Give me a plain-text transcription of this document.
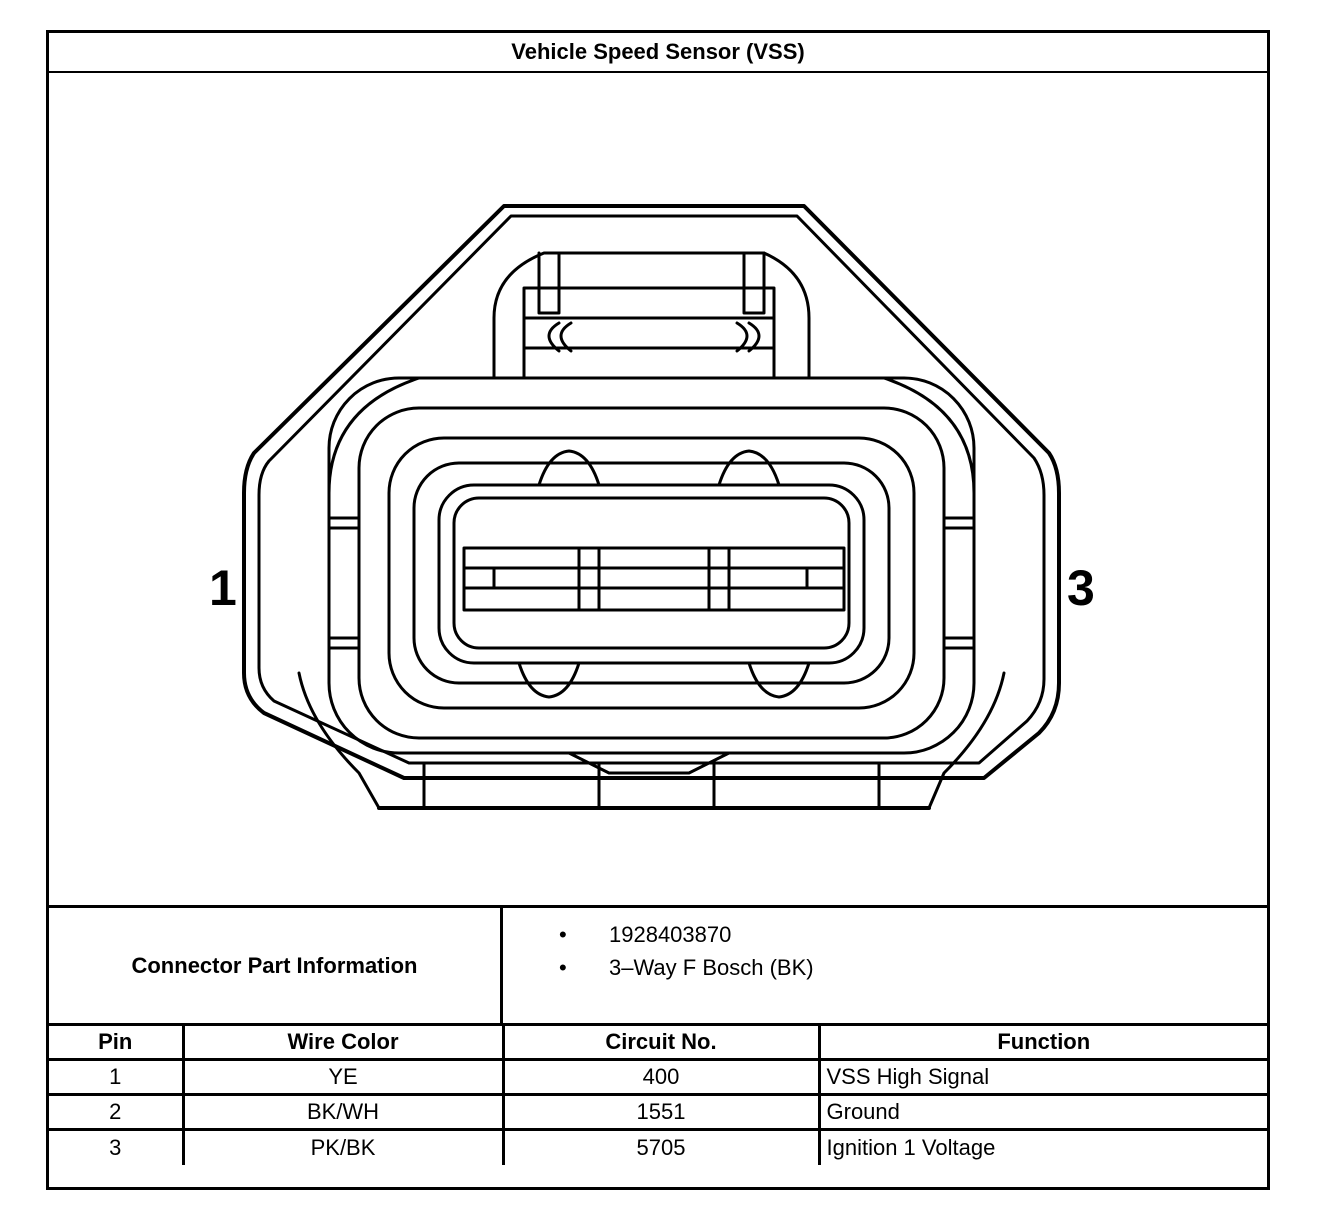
Vehicle Speed Sensor (VSS)
1	3
Connector Part Information
• 1928403870
• 3–Way F Bosch (BK)
Pin	Wire Color	Circuit No.	Function
1	YE	400	VSS High Signal
2	BK/WH	1551	Ground
3	PK/BK	5705	Ignition 1 Voltage
